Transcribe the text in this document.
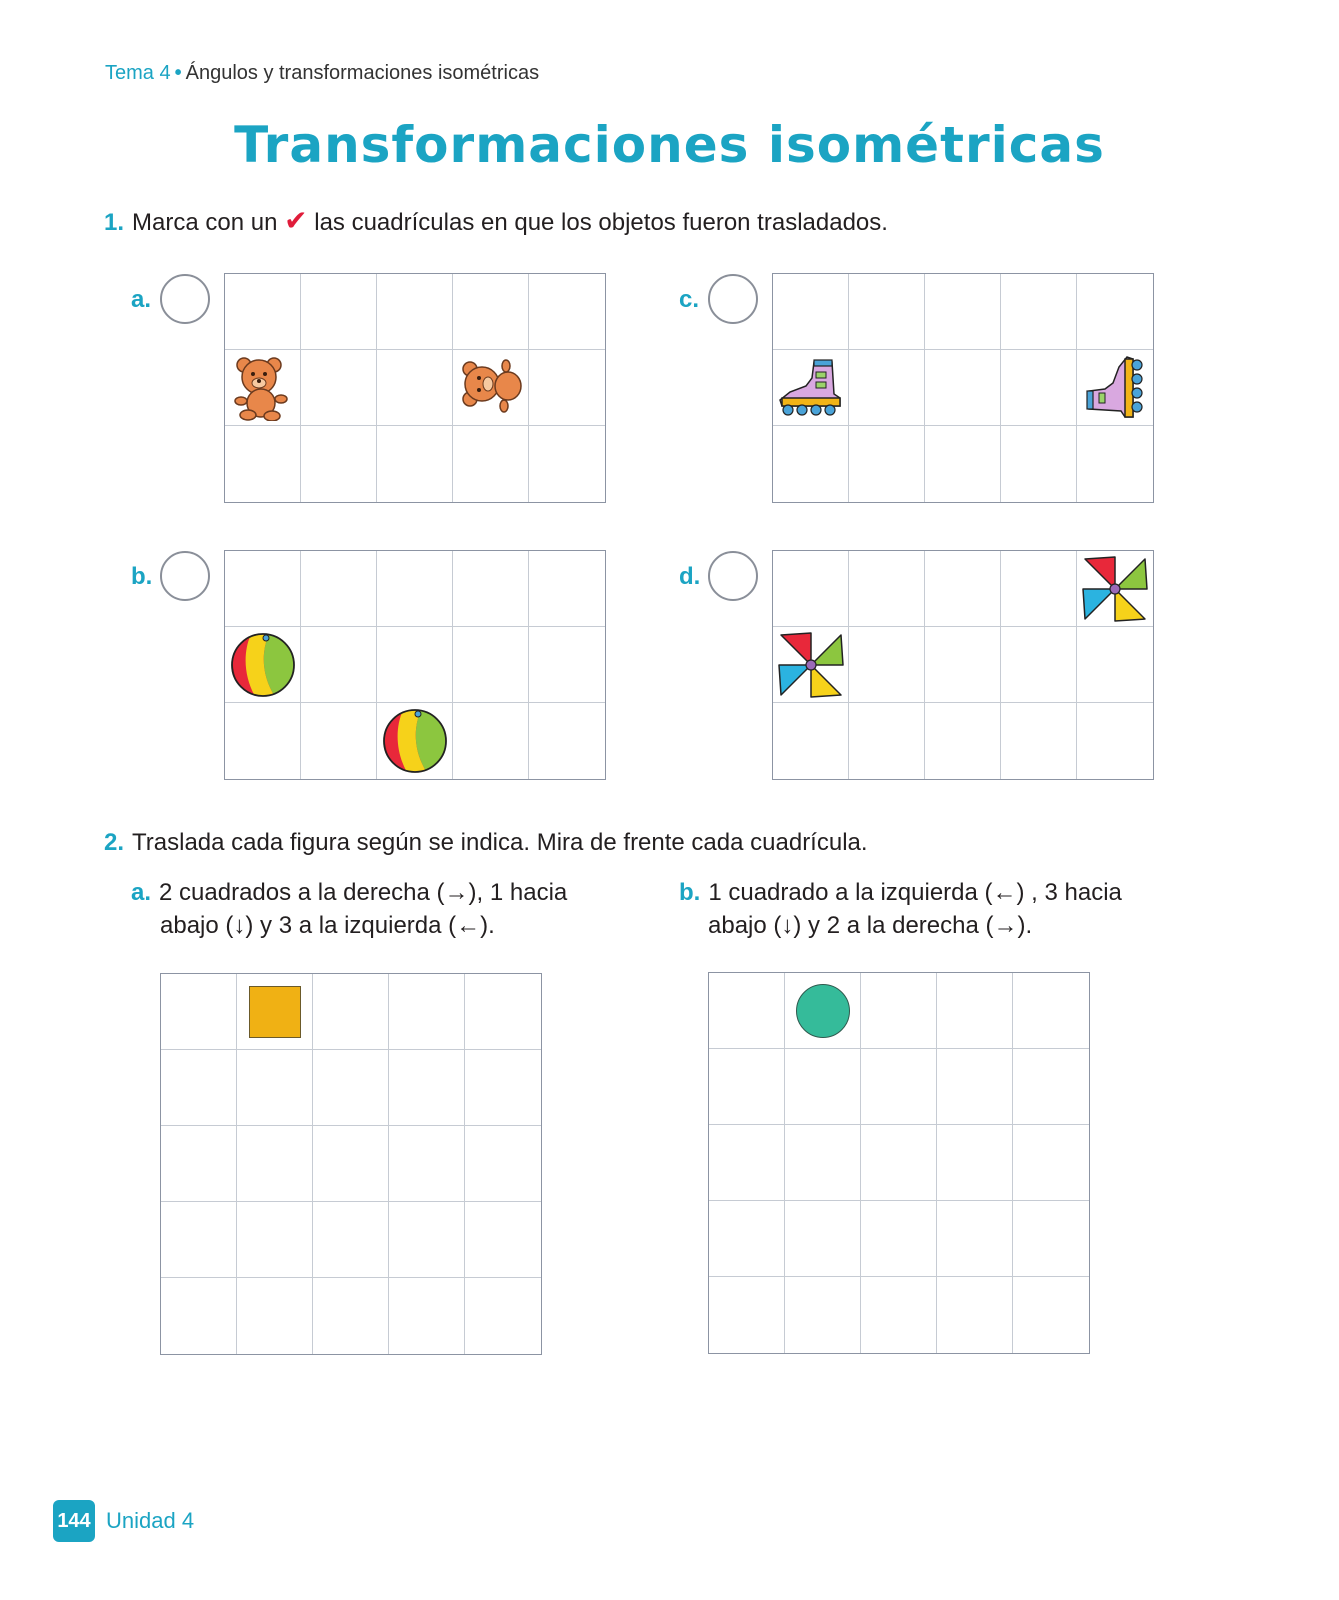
Tema 4 • Ángulos y transformaciones isométricas
Transformaciones isométricas
1. Marca con un ✔ las cuadrículas en que los objetos fueron trasladados.
a.	c.
b.	d.
2. Traslada cada figura según se indica. Mira de frente cada cuadrícula.
a. 2 cuadrados a la derecha (→), 1 hacia
abajo (↓) y 3 a la izquierda (←).
b. 1 cuadrado a la izquierda (←) , 3 hacia
abajo (↓) y 2 a la derecha (→).
144 Unidad 4
